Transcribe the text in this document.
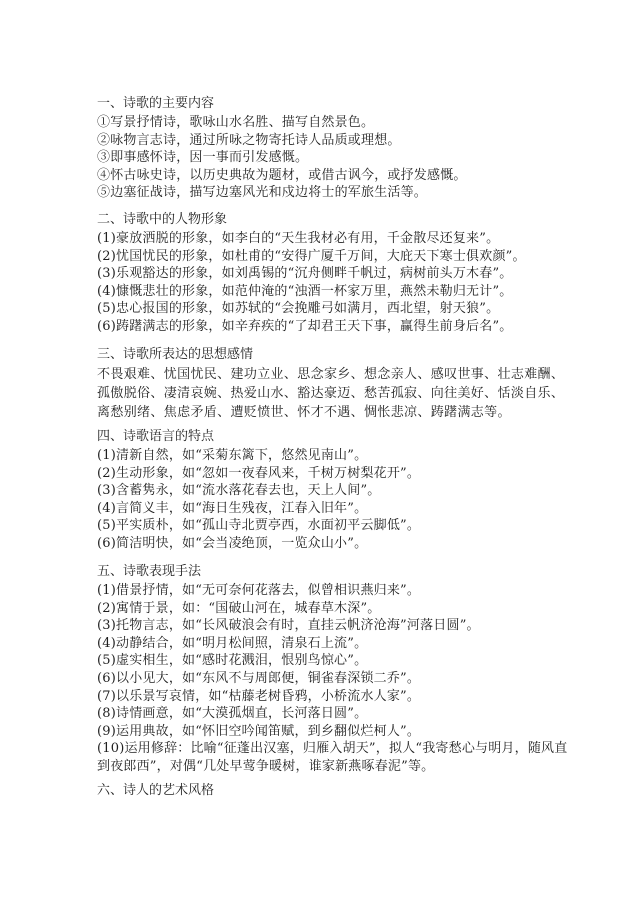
一、诗歌的主要内容
①写景抒情诗，歌咏山水名胜、描写自然景色。
②咏物言志诗，通过所咏之物寄托诗人品质或理想。
③即事感怀诗，因一事而引发感慨。
④怀古咏史诗，以历史典故为题材，或借古讽今，或抒发感慨。
⑤边塞征战诗，描写边塞风光和戍边将士的军旅生活等。
二、诗歌中的人物形象
(1)豪放洒脱的形象，如李白的“天生我材必有用，千金散尽还复来”。
(2)忧国忧民的形象，如杜甫的“安得广厦千万间，大庇天下寒士俱欢颜”。
(3)乐观豁达的形象，如刘禹锡的“沉舟侧畔千帆过，病树前头万木春”。
(4)慷慨悲壮的形象，如范仲淹的“浊酒一杯家万里，燕然未勒归无计”。
(5)忠心报国的形象，如苏轼的“会挽雕弓如满月，西北望，射天狼”。
(6)踌躇满志的形象，如辛弃疾的“了却君王天下事，赢得生前身后名”。
三、诗歌所表达的思想感情
不畏艰难、忧国忧民、建功立业、思念家乡、想念亲人、感叹世事、壮志难酬、
孤傲脱俗、凄清哀婉、热爱山水、豁达豪迈、愁苦孤寂、向往美好、恬淡自乐、
离愁别绪、焦虑矛盾、遭贬愤世、怀才不遇、惆怅悲凉、踌躇满志等。
四、诗歌语言的特点
(1)清新自然，如“采菊东篱下，悠然见南山”。
(2)生动形象，如“忽如一夜春风来，千树万树梨花开”。
(3)含蓄隽永，如“流水落花春去也，天上人间”。
(4)言简义丰，如“海日生残夜，江春入旧年”。
(5)平实质朴，如“孤山寺北贾亭西，水面初平云脚低”。
(6)简洁明快，如“会当凌绝顶，一览众山小”。
五、诗歌表现手法
(1)借景抒情，如“无可奈何花落去，似曾相识燕归来”。
(2)寓情于景，如：“国破山河在，城春草木深”。
(3)托物言志，如“长风破浪会有时，直挂云帆济沧海”河落日圆”。
(4)动静结合，如“明月松间照，清泉石上流”。
(5)虚实相生，如“感时花溅泪，恨别鸟惊心”。
(6)以小见大，如“东风不与周郎便，铜雀春深锁二乔”。
(7)以乐景写哀情，如“枯藤老树昏鸦，小桥流水人家”。
(8)诗情画意，如“大漠孤烟直，长河落日圆”。
(9)运用典故，如“怀旧空吟闻笛赋，到乡翻似烂柯人”。
(10)运用修辞：比喻“征蓬出汉塞，归雁入胡天”，拟人“我寄愁心与明月，随风直
到夜郎西”，对偶“几处早莺争暖树，谁家新燕啄春泥”等。
六、诗人的艺术风格
